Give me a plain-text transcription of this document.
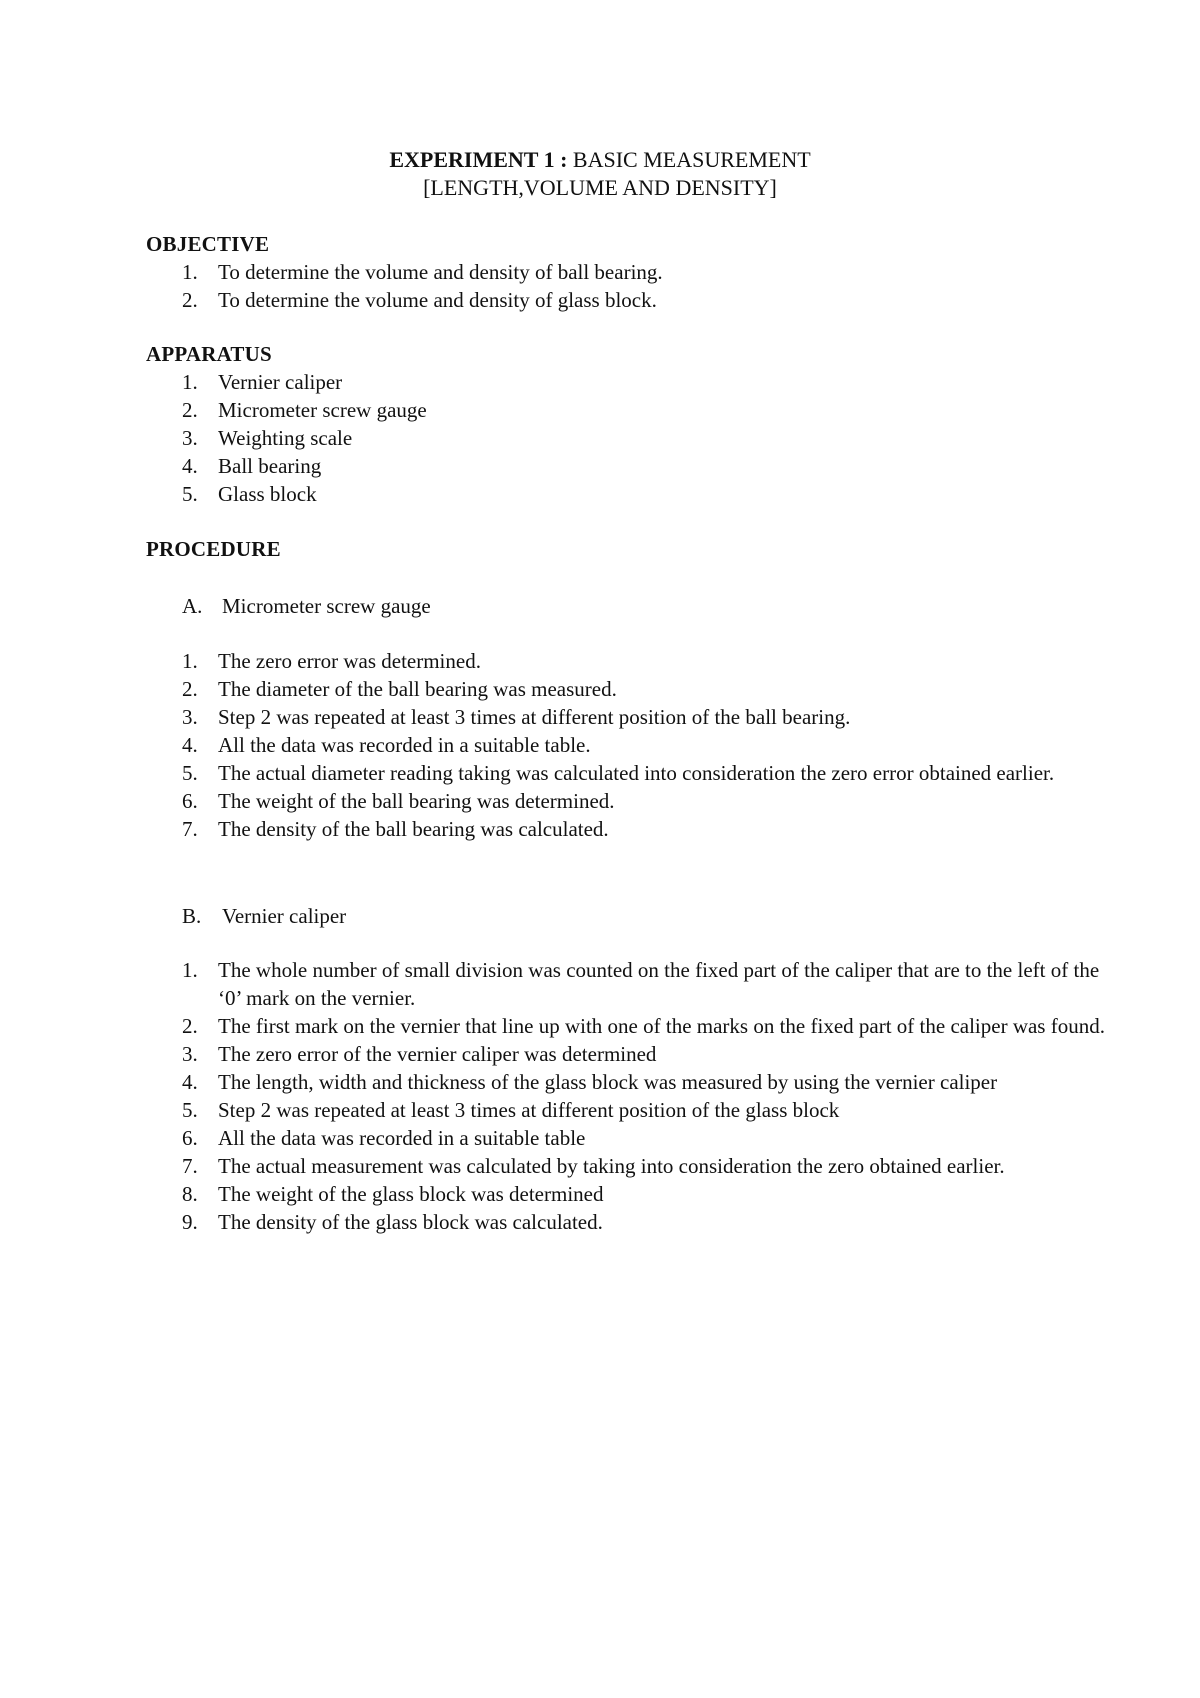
EXPERIMENT 1 : BASIC MEASUREMENT
[LENGTH,VOLUME AND DENSITY]
OBJECTIVE
1. To determine the volume and density of ball bearing.
2. To determine the volume and density of glass block.
APPARATUS
1. Vernier caliper
2. Micrometer screw gauge
3. Weighting scale
4. Ball bearing
5. Glass block
PROCEDURE
A. Micrometer screw gauge
1. The zero error was determined.
2. The diameter of the ball bearing was measured.
3. Step 2 was repeated at least 3 times at different position of the ball bearing.
4. All the data was recorded in a suitable table.
5. The actual diameter reading taking was calculated into consideration the zero error obtained earlier.
6. The weight of the ball bearing was determined.
7. The density of the ball bearing was calculated.
B. Vernier caliper
1. The whole number of small division was counted on the fixed part of the caliper that are to the left of the ‘0’ mark on the vernier.
2. The first mark on the vernier that line up with one of the marks on the fixed part of the caliper was found.
3. The zero error of the vernier caliper was determined
4. The length, width and thickness of the glass block was measured by using the vernier caliper
5. Step 2 was repeated at least 3 times at different position of the glass block
6. All the data was recorded in a suitable table
7. The actual measurement was calculated by taking into consideration the zero obtained earlier.
8. The weight of the glass block was determined
9. The density of the glass block was calculated.
